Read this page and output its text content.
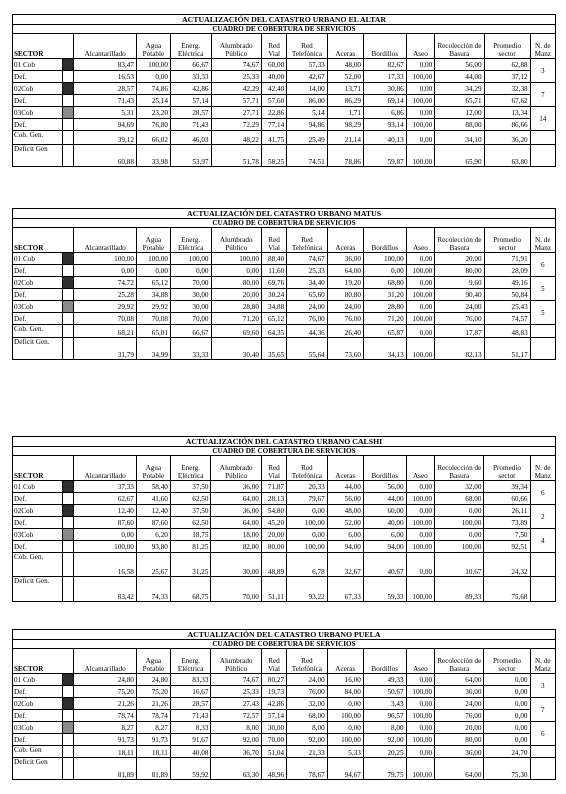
ACTUALIZACIÓN DEL CATASTRO URBANO EL ALTAR													
CUADRO DE COBERTURA DE SERVICIOS													
SECTOR		Alcantarillado	Agua Potable	Energ. Eléctrica	Alumbrado Público	Red Vial	Red Telefónica	Aceras	Bordillos	Aseo	Recolección de Basura	Promedio sector	N. de Manz
01 Cob		83,47	100,00	66,67	74,67	60,00	57,33	48,00	82,67	0,00	56,00	62,88	3
Def.		16,53	0,00	33,33	25,33	40,00	42,67	52,00	17,33	100,00	44,00	37,12	
02Cob		28,57	74,86	42,86	42,29	42,40	14,00	13,71	30,86	0,00	34,29	32,38	7
Def.		71,43	25,14	57,14	57,71	57,60	86,00	86,29	69,14	100,00	65,71	67,62	
03Cob		5,31	23,20	28,57	27,71	22,86	5,14	1,71	6,86	0,00	12,00	13,34	14
Def.		94,69	76,80	71,43	72,29	77,14	94,86	98,29	93,14	100,00	88,00	86,66	
Cob. Gen.		39,12	66,02	46,03	48,22	41,75	25,49	21,14	40,13	0,00	34,10	36,20	
Deficit Gen		60,88	33,98	53,97	51,78	58,25	74,51	78,86	59,87	100,00	65,90	63,80	
ACTUALIZACIÓN DEL CATASTRO URBANO MATUS													
CUADRO DE COBERTURA DE SERVICIOS													
SECTOR		Alcantarillado	Agua Potable	Energ. Eléctrica	Alumbrado Público	Red Vial	Red Telefónica	Aceras	Bordillos	Aseo	Recolección de Basura	Promedio sector	N. de Manz
01 Cob		100,00	100,00	100,00	100,00	88,40	74,67	36,00	100,00	0,00	20,00	71,91	6
Def.		0,00	0,00	0,00	0,00	11,60	25,33	64,00	0,00	100,00	80,00	28,09	
02Cob		74,72	65,12	70,00	80,00	69,76	34,40	19,20	68,80	0,00	9,60	49,16	5
Def.		25,28	34,88	30,00	20,00	30,24	65,60	80,80	31,20	100,00	90,40	50,84	
03Cob		29,92	29,92	30,00	28,80	34,88	24,00	24,00	28,80	0,00	24,00	25,43	5
Def.		70,08	70,08	70,00	71,20	65,12	76,00	76,00	71,20	100,00	76,00	74,57	
Cob. Gen.		68,21	65,01	66,67	69,60	64,35	44,36	26,40	65,87	0,00	17,87	48,83	
Deficit Gen.		31,79	34,99	33,33	30,40	35,65	55,64	73,60	34,13	100,00	82,13	51,17	
ACTUALIZACIÓN DEL CATASTRO URBANO CALSHI													
CUADRO DE COBERTURA DE SERVICIOS													
SECTOR		Alcantarillado	Agua Potable	Energ. Eléctrica	Alumbrado Público	Red Vial	Red Telefónica	Aceras	Bordillos	Aseo	Recolección de Basura	Promedio sector	N. de Manz
01 Cob		37,33	58,40	37,50	36,00	71,87	20,33	44,00	56,00	0,00	32,00	39,34	6
Def.		62,67	41,60	62,50	64,00	28,13	79,67	56,00	44,00	100,00	68,00	60,66	
02Cob		12,40	12,40	37,50	36,00	54,80	0,00	48,00	60,00	0,00	0,00	26,11	2
Def.		87,60	87,60	62,50	64,00	45,20	100,00	52,00	40,00	100,00	100,00	73,89	
03Cob		0,00	6,20	18,75	18,00	20,00	0,00	6,00	6,00	0,00	0,00	7,50	4
Def.		100,00	93,80	81,25	82,00	80,00	100,00	94,00	94,00	100,00	100,00	92,51	
Cob. Gen.		16,58	25,67	31,25	30,00	48,89	6,78	32,67	40,67	0,00	10,67	24,32	
Deficit Gen.		83,42	74,33	68,75	70,00	51,11	93,22	67,33	59,33	100,00	89,33	75,68	
ACTUALIZACIÓN DEL CATASTRO URBANO PUELA													
CUADRO DE COBERTURA DE SERVICIOS													
SECTOR		Alcantarillado	Agua Potable	Energ. Eléctrica	Alumbrado Público	Red Vial	Red Telefónica	Aceras	Bordillos	Aseo	Recolección de Basura	Promedio sector	N. de Manz
01 Cob		24,80	24,80	83,33	74,67	80,27	24,00	16,00	49,33	0,00	64,00	0,00	3
Def.		75,20	75,20	16,67	25,33	19,73	76,00	84,00	50,67	100,00	36,00	0,00	
02Cob		21,26	21,26	28,57	27,43	42,86	32,00	0,00	3,43	0,00	24,00	0,00	7
Def.		78,74	78,74	71,43	72,57	57,14	68,00	100,00	96,57	100,00	76,00	0,00	
03Cob		8,27	8,27	8,33	8,00	30,00	8,00	0,00	8,00	0,00	20,00	0,00	6
Def.		91,73	91,73	91,67	92,00	70,00	92,00	100,00	92,00	100,00	80,00	0,00	
Cob. Gen		18,11	18,11	40,08	36,70	51,04	21,33	5,33	20,25	0,00	36,00	24,70	
Deficit Gen		81,89	81,89	59,92	63,30	48,96	78,67	94,67	79,75	100,00	64,00	75,30	
